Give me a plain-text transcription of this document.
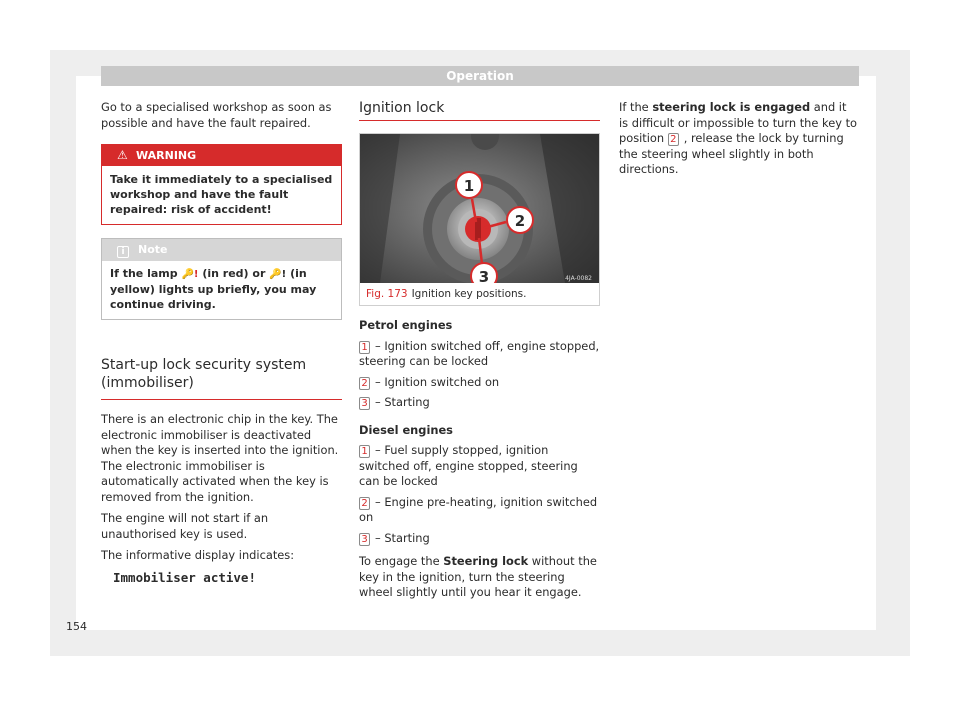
Operation

Go to a specialised workshop as soon as possible and have the fault repaired.

⚠ WARNING
Take it immediately to a specialised workshop and have the fault repaired: risk of accident!
i Note
If the lamp 🔑! (in red) or 🔑! (in yellow) lights up briefly, you may continue driving.
Start-up lock security system (immobiliser)

There is an electronic chip in the key. The electronic immobiliser is deactivated when the key is inserted into the ignition. The electronic immobiliser is automatically activated when the key is removed from the ignition.

The engine will not start if an unauthorised key is used.

The informative display indicates:

Immobiliser active!
Ignition lock
1
2
3	4JA-0082
Fig. 173 Ignition key positions.
Petrol engines
1 – Ignition switched off, engine stopped, steering can be locked
2 – Ignition switched on
3 – Starting
Diesel engines
1 – Fuel supply stopped, ignition switched off, engine stopped, steering can be locked
2 – Engine pre-heating, ignition switched on
3 – Starting

To engage the Steering lock without the key in the ignition, turn the steering wheel slightly until you hear it engage.

If the steering lock is engaged and it is difficult or impossible to turn the key to position 2 , release the lock by turning the steering wheel slightly in both directions.

154
